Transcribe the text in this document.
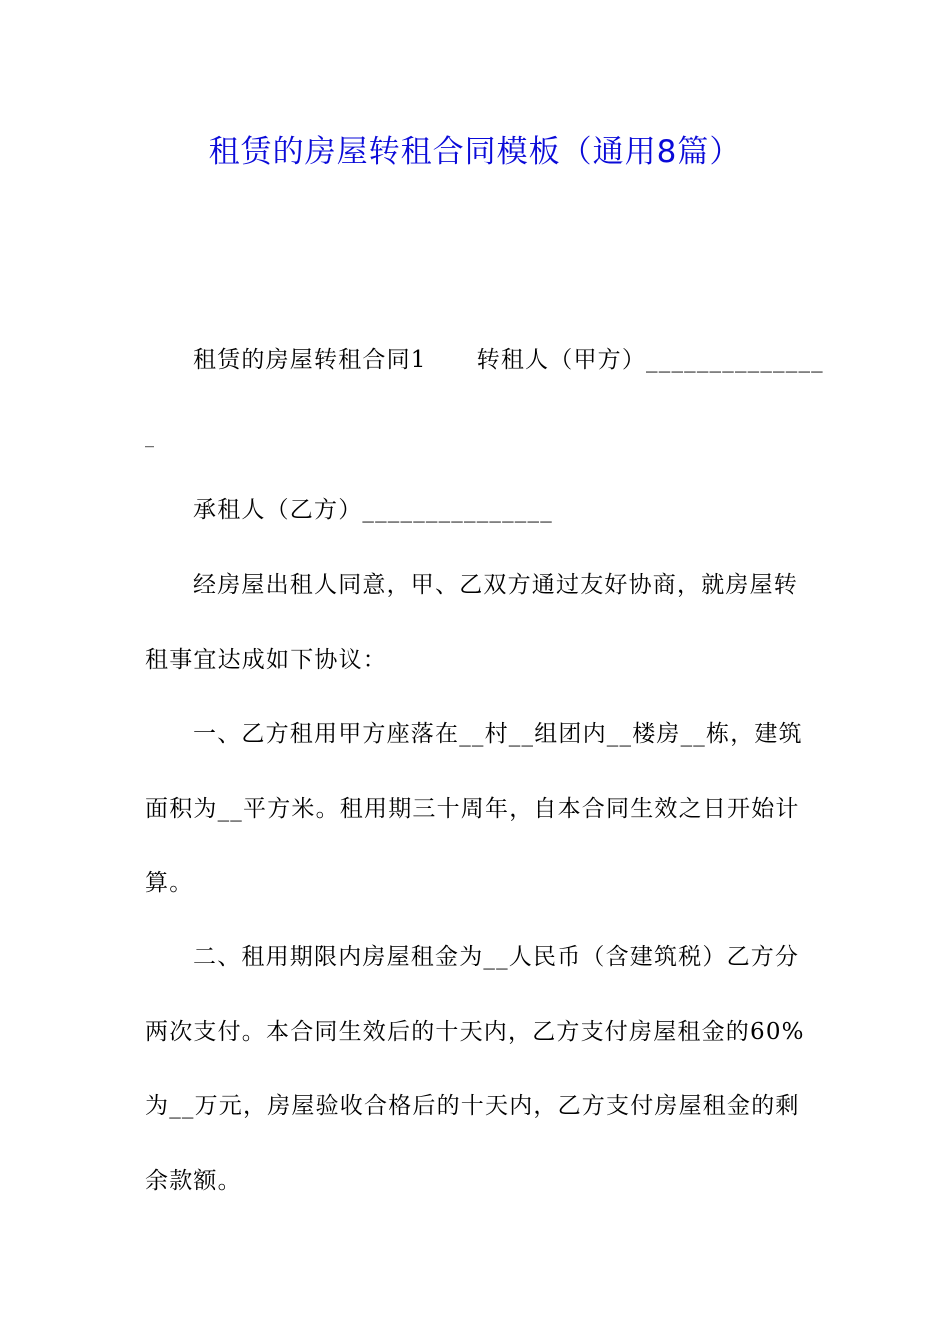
租赁的房屋转租合同模板（通用8篇）
租赁的房屋转租合同1 转租人（甲方）______________
_
承租人（乙方）_______________
经房屋出租人同意，甲、乙双方通过友好协商，就房屋转
租事宜达成如下协议：
一、乙方租用甲方座落在__村__组团内__楼房__栋，建筑
面积为__平方米。租用期三十周年，自本合同生效之日开始计
算。
二、租用期限内房屋租金为__人民币（含建筑税）乙方分
两次支付。本合同生效后的十天内，乙方支付房屋租金的60%
为__万元，房屋验收合格后的十天内，乙方支付房屋租金的剩
余款额。
